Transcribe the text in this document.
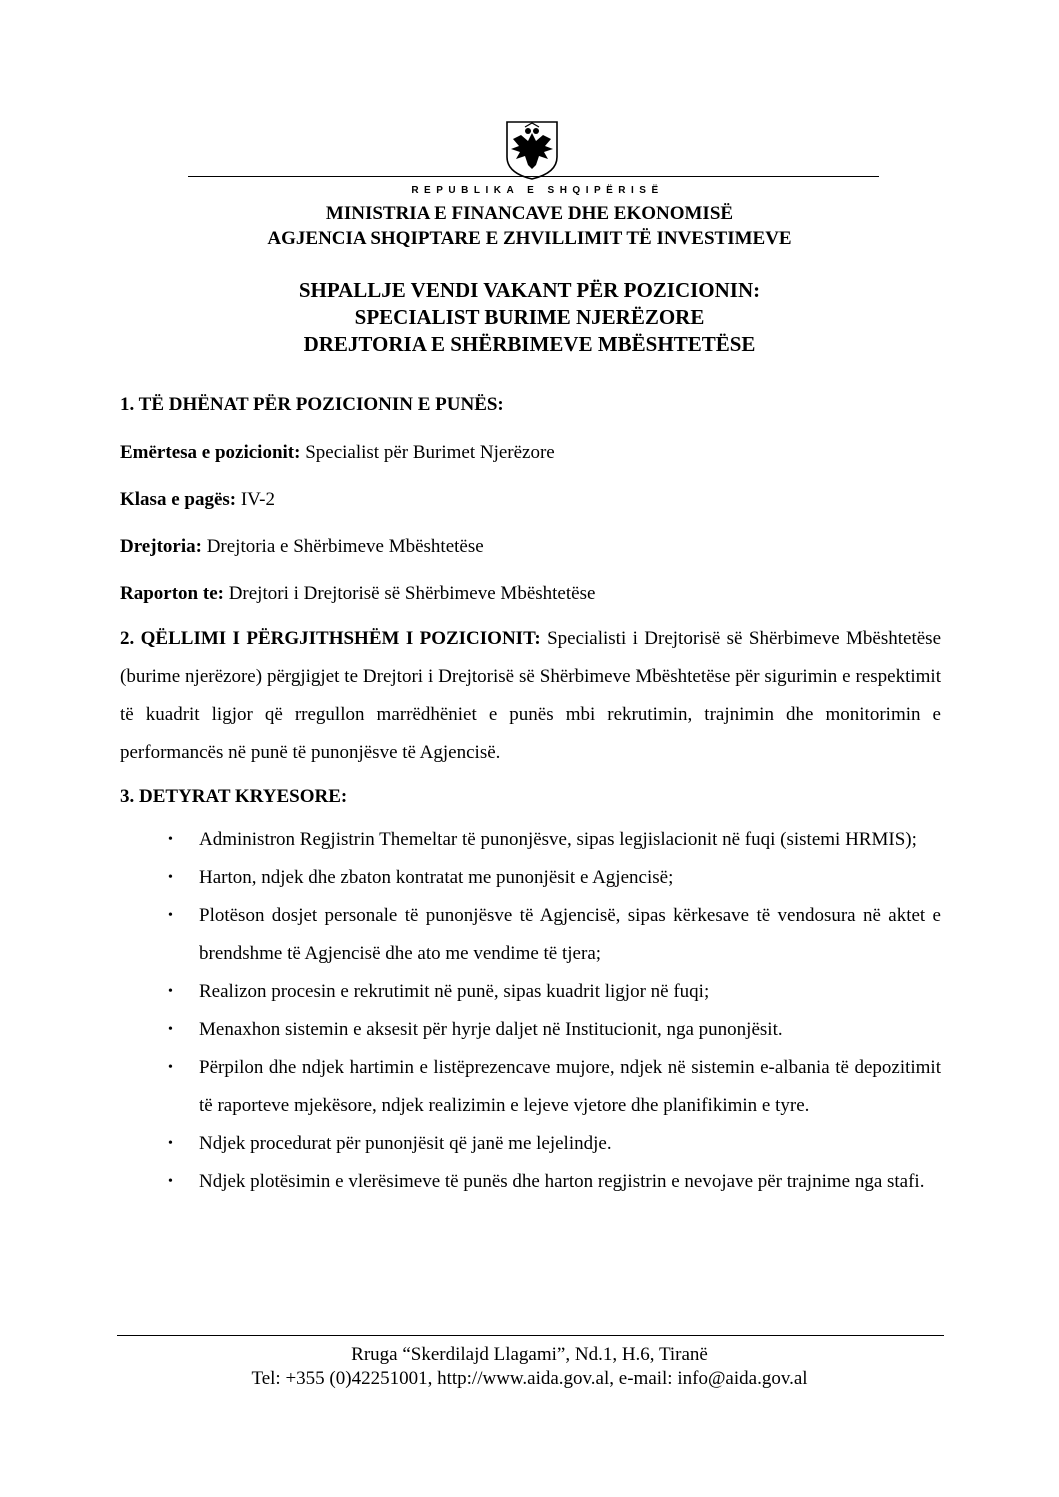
REPUBLIKA E SHQIPËRISË
MINISTRIA E FINANCAVE DHE EKONOMISË
AGJENCIA SHQIPTARE E ZHVILLIMIT TË INVESTIMEVE
SHPALLJE VENDI VAKANT PËR POZICIONIN:
SPECIALIST BURIME NJERËZORE
DREJTORIA E SHËRBIMEVE MBËSHTETËSE

1. TË DHËNAT PËR POZICIONIN E PUNËS:

Emërtesa e pozicionit: Specialist për Burimet Njerëzore

Klasa e pagës: IV-2

Drejtoria: Drejtoria e Shërbimeve Mbështetëse

Raporton te: Drejtori i Drejtorisë së Shërbimeve Mbështetëse

2. QËLLIMI I PËRGJITHSHËM I POZICIONIT: Specialisti i Drejtorisë së Shërbimeve Mbështetëse (burime njerëzore) përgjigjet te Drejtori i Drejtorisë së Shërbimeve Mbështetëse për sigurimin e respektimit të kuadrit ligjor që rregullon marrëdhëniet e punës mbi rekrutimin, trajnimin dhe monitorimin e performancës në punë të punonjësve të Agjencisë.

3. DETYRAT KRYESORE:

• Administron Regjistrin Themeltar të punonjësve, sipas legjislacionit në fuqi (sistemi HRMIS);
• Harton, ndjek dhe zbaton kontratat me punonjësit e Agjencisë;
• Plotëson dosjet personale të punonjësve të Agjencisë, sipas kërkesave të vendosura në aktet e brendshme të Agjencisë dhe ato me vendime të tjera;
• Realizon procesin e rekrutimit në punë, sipas kuadrit ligjor në fuqi;
• Menaxhon sistemin e aksesit për hyrje daljet në Institucionit, nga punonjësit.
• Përpilon dhe ndjek hartimin e listëprezencave mujore, ndjek në sistemin e-albania të depozitimit të raporteve mjekësore, ndjek realizimin e lejeve vjetore dhe planifikimin e tyre.
• Ndjek procedurat për punonjësit që janë me lejelindje.
• Ndjek plotësimin e vlerësimeve të punës dhe harton regjistrin e nevojave për trajnime nga stafi.
Rruga “Skerdilajd Llagami”, Nd.1, H.6, Tiranë
Tel: +355 (0)42251001, http://www.aida.gov.al, e-mail: info@aida.gov.al
